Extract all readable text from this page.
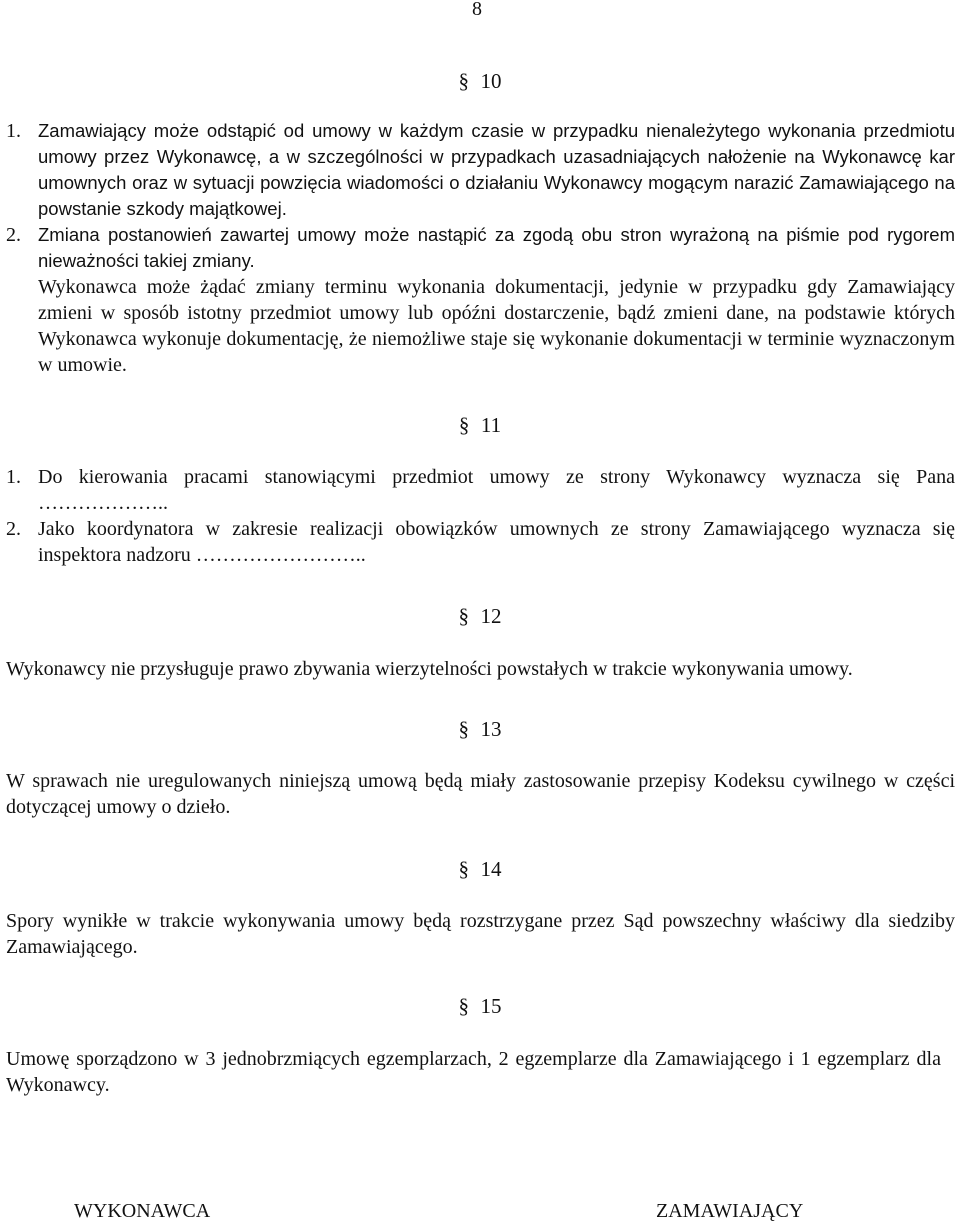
8
§ 10
1. Zamawiający może odstąpić od umowy w każdym czasie w przypadku nienależytego wykonania przedmiotu umowy przez Wykonawcę, a w szczególności w przypadkach uzasadniających nałożenie na Wykonawcę kar umownych oraz w sytuacji powzięcia wiadomości o działaniu Wykonawcy mogącym narazić Zamawiającego na powstanie szkody majątkowej.
2. Zmiana postanowień zawartej umowy może nastąpić za zgodą obu stron wyrażoną na piśmie pod rygorem nieważności takiej zmiany.
Wykonawca może żądać zmiany terminu wykonania dokumentacji, jedynie w przypadku gdy Zamawiający zmieni w sposób istotny przedmiot umowy lub opóźni dostarczenie, bądź zmieni dane, na podstawie których Wykonawca wykonuje dokumentację, że niemożliwe staje się wykonanie dokumentacji w terminie wyznaczonym w umowie.
§ 11
1. Do kierowania pracami stanowiącymi przedmiot umowy ze strony Wykonawcy wyznacza się Pana ………………..
2. Jako koordynatora w zakresie realizacji obowiązków umownych ze strony Zamawiającego wyznacza się inspektora nadzoru ……………………..
§ 12
Wykonawcy nie przysługuje prawo zbywania wierzytelności powstałych w trakcie wykonywania umowy.
§ 13
W sprawach nie uregulowanych niniejszą umową będą miały zastosowanie przepisy Kodeksu cywilnego w części dotyczącej umowy o dzieło.
§ 14
Spory wynikłe w trakcie wykonywania umowy będą rozstrzygane przez Sąd powszechny właściwy dla siedziby Zamawiającego.
§ 15
Umowę sporządzono w 3 jednobrzmiących egzemplarzach, 2 egzemplarze dla Zamawiającego i 1 egzemplarz dla Wykonawcy.
WYKONAWCA	ZAMAWIAJĄCY
